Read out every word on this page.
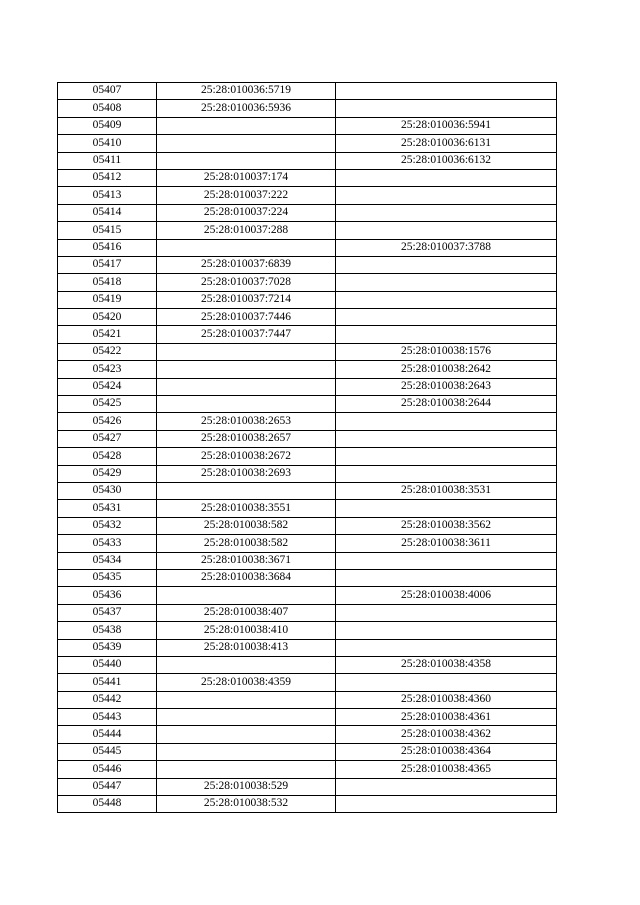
05407	25:28:010036:5719	
05408	25:28:010036:5936	
05409		25:28:010036:5941
05410		25:28:010036:6131
05411		25:28:010036:6132
05412	25:28:010037:174	
05413	25:28:010037:222	
05414	25:28:010037:224	
05415	25:28:010037:288	
05416		25:28:010037:3788
05417	25:28:010037:6839	
05418	25:28:010037:7028	
05419	25:28:010037:7214	
05420	25:28:010037:7446	
05421	25:28:010037:7447	
05422		25:28:010038:1576
05423		25:28:010038:2642
05424		25:28:010038:2643
05425		25:28:010038:2644
05426	25:28:010038:2653	
05427	25:28:010038:2657	
05428	25:28:010038:2672	
05429	25:28:010038:2693	
05430		25:28:010038:3531
05431	25:28:010038:3551	
05432	25:28:010038:582	25:28:010038:3562
05433	25:28:010038:582	25:28:010038:3611
05434	25:28:010038:3671	
05435	25:28:010038:3684	
05436		25:28:010038:4006
05437	25:28:010038:407	
05438	25:28:010038:410	
05439	25:28:010038:413	
05440		25:28:010038:4358
05441	25:28:010038:4359	
05442		25:28:010038:4360
05443		25:28:010038:4361
05444		25:28:010038:4362
05445		25:28:010038:4364
05446		25:28:010038:4365
05447	25:28:010038:529	
05448	25:28:010038:532	
